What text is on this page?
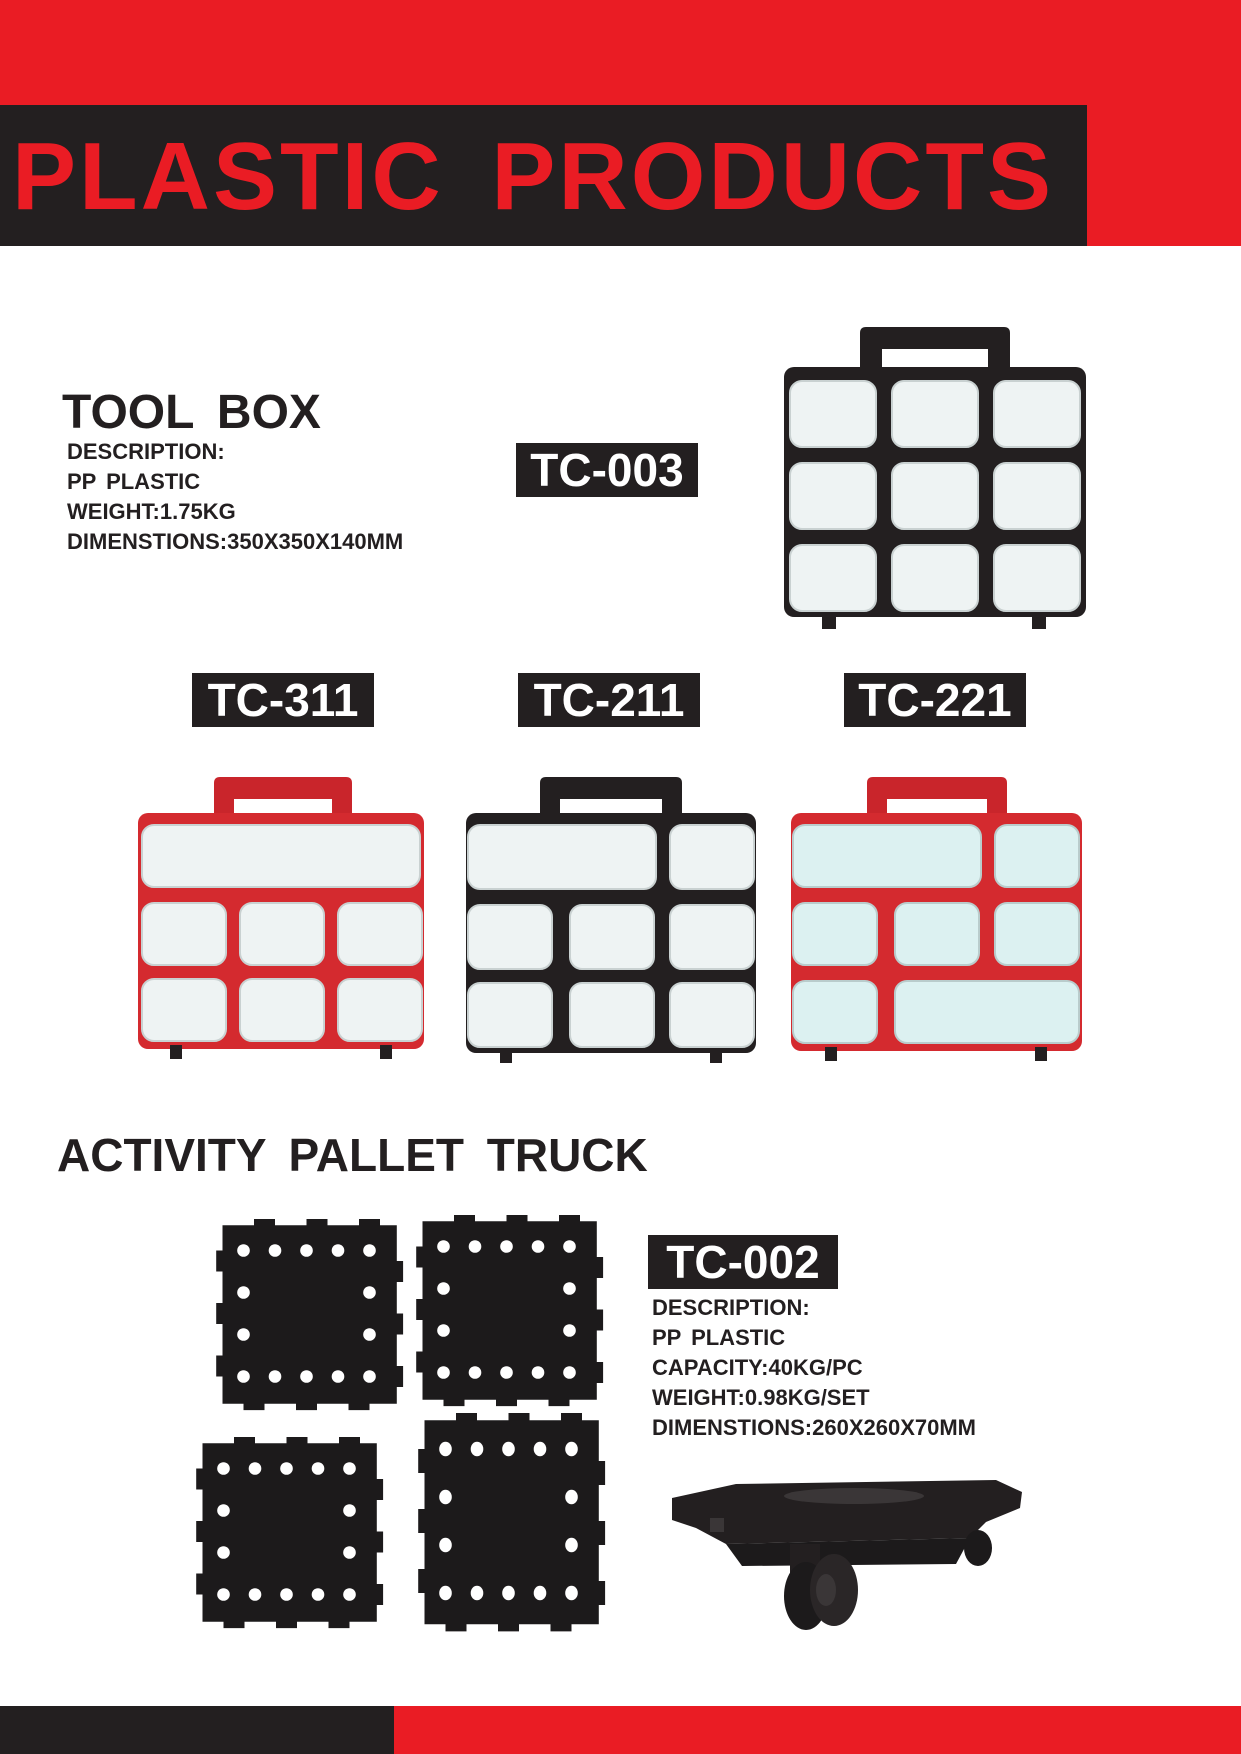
PLASTIC PRODUCTS
TOOL BOX
DESCRIPTION:
PP PLASTIC
WEIGHT:1.75KG
DIMENSTIONS:350X350X140MM
TC-003
TC-311	TC-211	TC-221
ACTIVITY PALLET TRUCK
TC-002
DESCRIPTION:
PP PLASTIC
CAPACITY:40KG/PC
WEIGHT:0.98KG/SET
DIMENSTIONS:260X260X70MM
